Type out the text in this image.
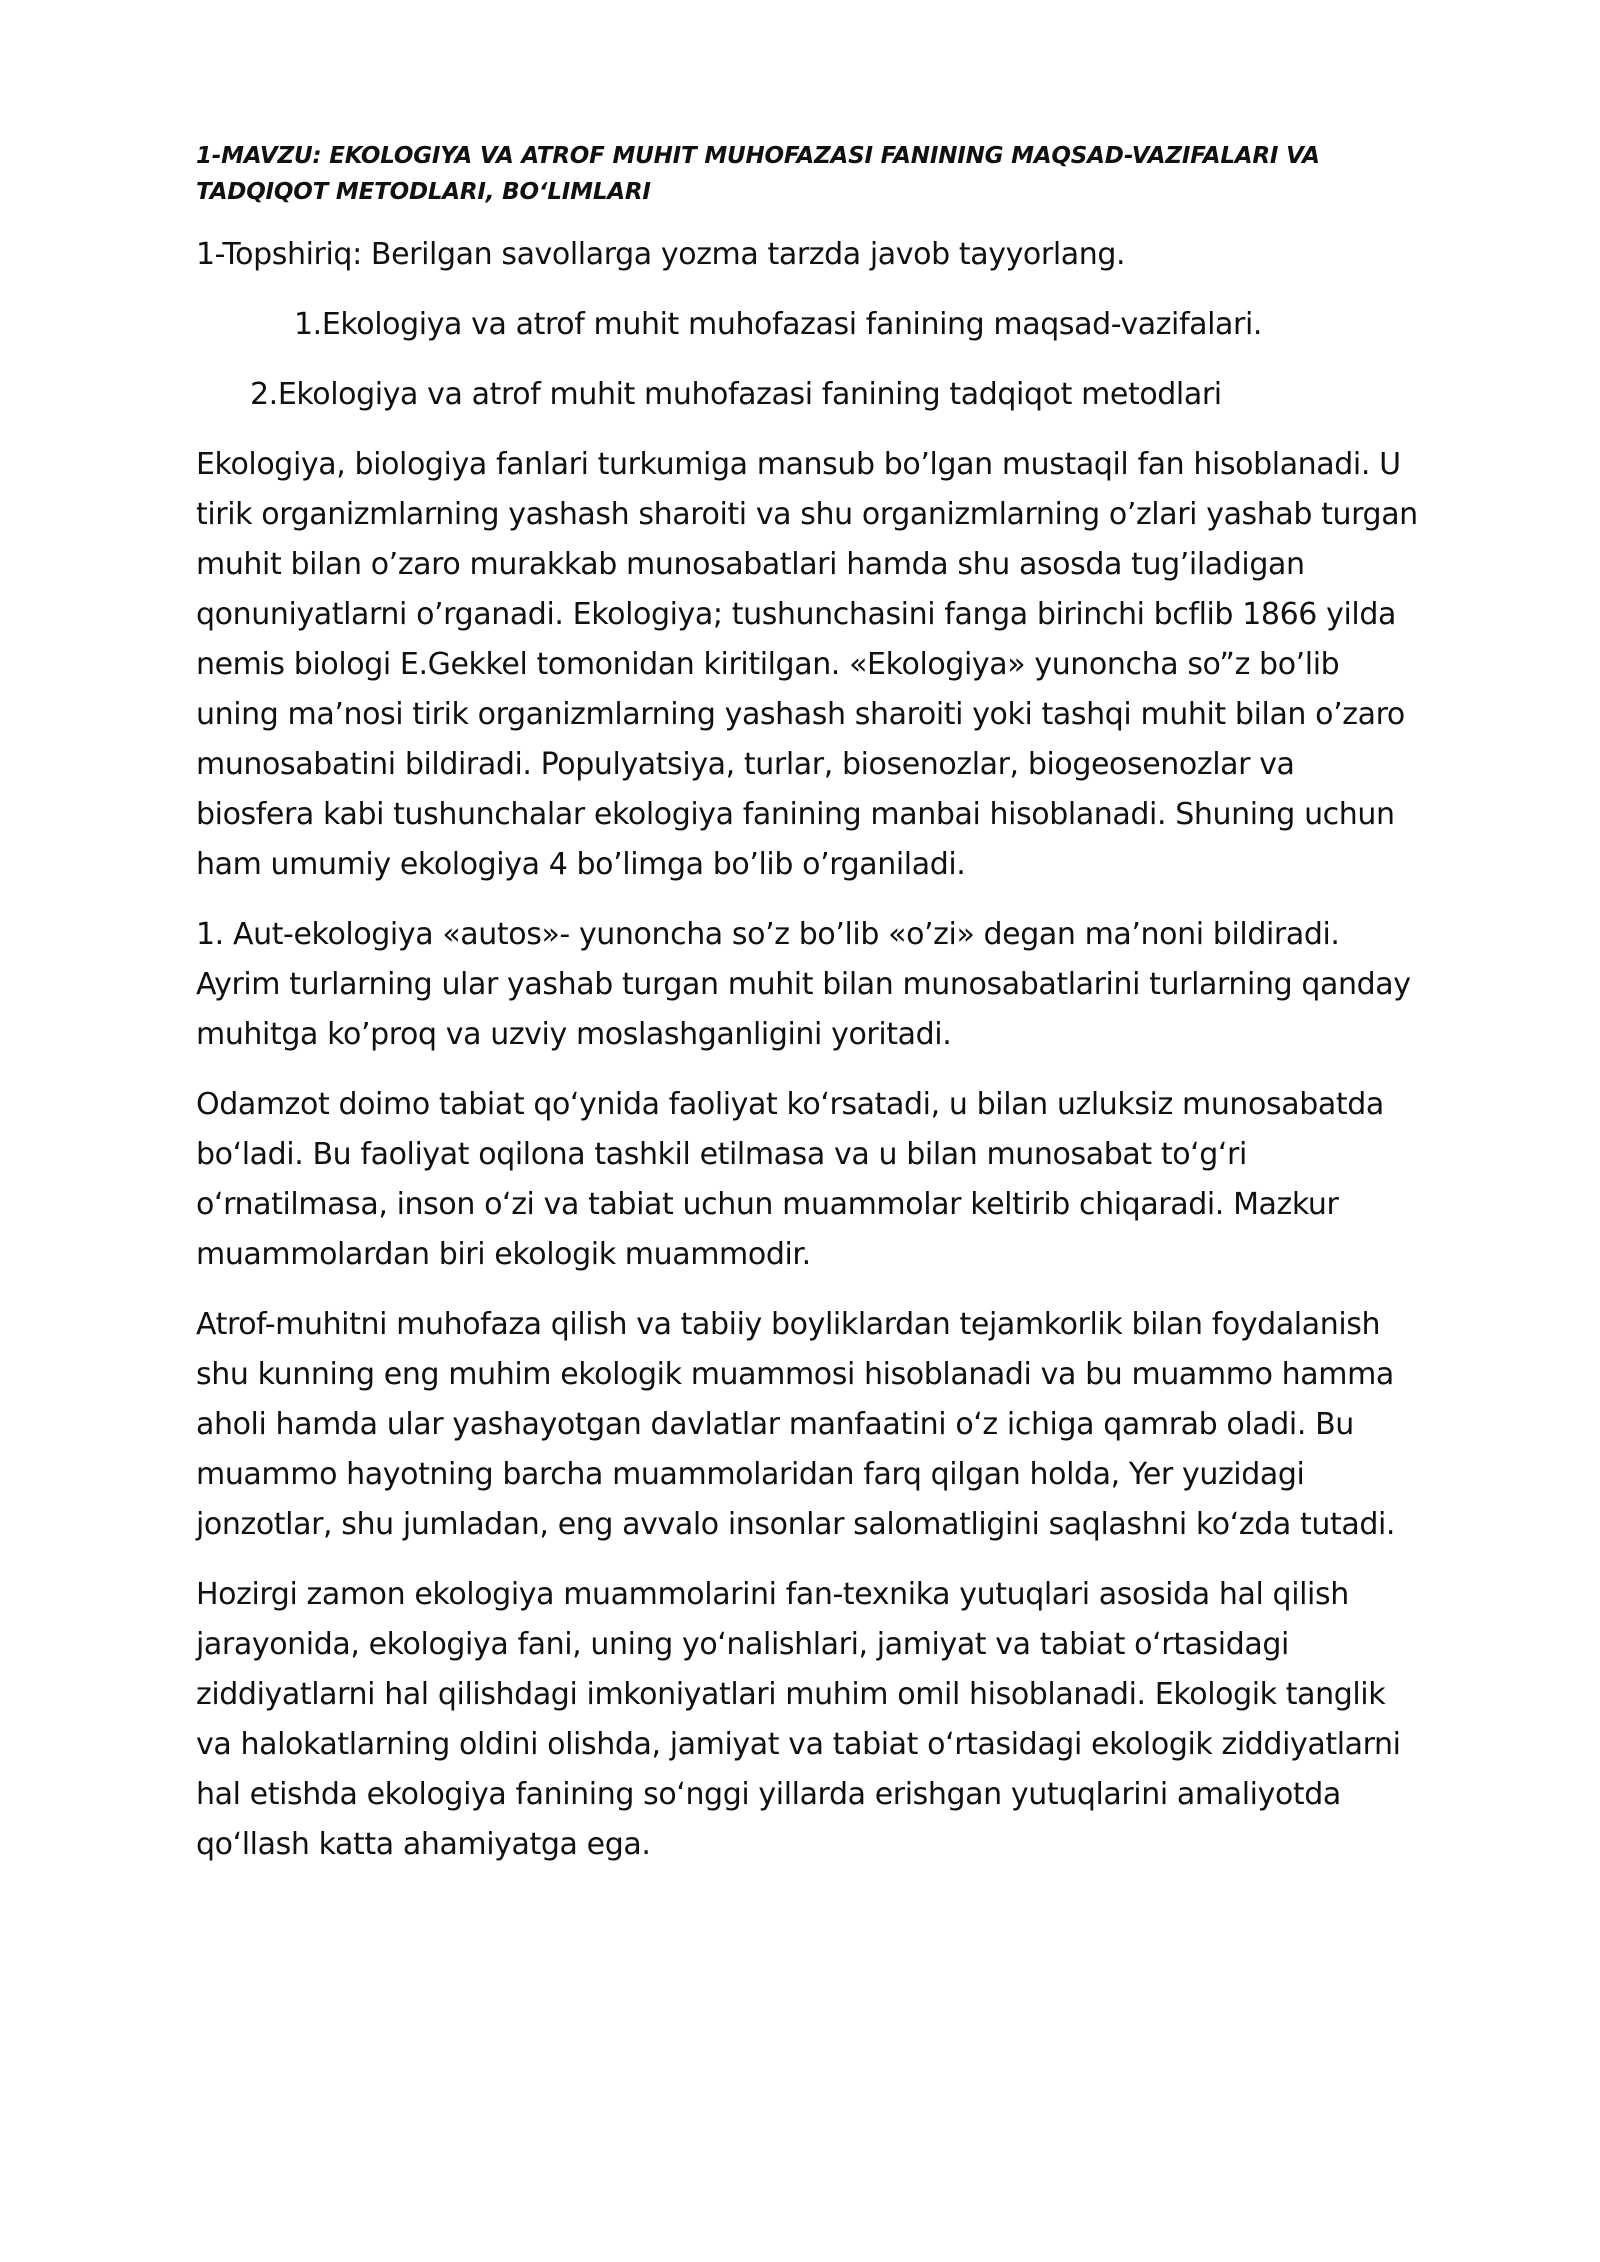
1-MAVZU: EKOLOGIYA VA ATROF MUHIT MUHOFAZASI FANINING MAQSAD-VAZIFALARI VA TADQIQOT METODLARI, BOʻLIMLARI
1-Topshiriq: Berilgan savollarga yozma tarzda javob tayyorlang.
1.Ekologiya va atrof muhit muhofazasi fanining maqsad-vazifalari.
2.Ekologiya va atrof muhit muhofazasi fanining tadqiqot metodlari
Ekologiya, biologiya fanlari turkumiga mansub bo’lgan mustaqil fan hisoblanadi. U tirik organizmlarning yashash sharoiti va shu organizmlarning o’zlari yashab turgan muhit bilan o’zaro murakkab munosabatlari hamda shu asosda tug’iladigan qonuniyatlarni o’rganadi. Ekologiya; tushunchasini fanga birinchi bcflib 1866 yilda nemis biologi E.Gekkel tomonidan kiritilgan. «Ekologiya» yunoncha so”z bo’lib uning ma’nosi tirik organizmlarning yashash sharoiti yoki tashqi muhit bilan o’zaro munosabatini bildiradi. Populyatsiya, turlar, biosenozlar, biogeosenozlar va biosfera kabi tushunchalar ekologiya fanining manbai hisoblanadi. Shuning uchun ham umumiy ekologiya 4 bo’limga bo’lib o’rganiladi.
1. Aut-ekologiya «autos»- yunoncha so’z bo’lib «o’zi» degan ma’noni bildiradi. Ayrim turlarning ular yashab turgan muhit bilan munosabatlarini turlarning qanday muhitga ko’proq va uzviy moslashganligini yoritadi.
Odamzot doimo tabiat qoʻynida faoliyat koʻrsatadi, u bilan uzluksiz munosabatda boʻladi. Bu faoliyat oqilona tashkil etilmasa va u bilan munosabat toʻgʻri oʻrnatilmasa, inson oʻzi va tabiat uchun muammolar keltirib chiqaradi. Mazkur muammolardan biri ekologik muammodir.
Atrof-muhitni muhofaza qilish va tabiiy boyliklardan tejamkorlik bilan foydalanish shu kunning eng muhim ekologik muammosi hisoblanadi va bu muammo hamma aholi hamda ular yashayotgan davlatlar manfaatini oʻz ichiga qamrab oladi. Bu muammo hayotning barcha muammolaridan farq qilgan holda, Yer yuzidagi jonzotlar, shu jumladan, eng avvalo insonlar salomatligini saqlashni koʻzda tutadi.
Hozirgi zamon ekologiya muammolarini fan-texnika yutuqlari asosida hal qilish jarayonida, ekologiya fani, uning yoʻnalishlari, jamiyat va tabiat oʻrtasidagi ziddiyatlarni hal qilishdagi imkoniyatlari muhim omil hisoblanadi. Ekologik tanglik va halokatlarning oldini olishda, jamiyat va tabiat oʻrtasidagi ekologik ziddiyatlarni hal etishda ekologiya fanining soʻnggi yillarda erishgan yutuqlarini amaliyotda qoʻllash katta ahamiyatga ega.
